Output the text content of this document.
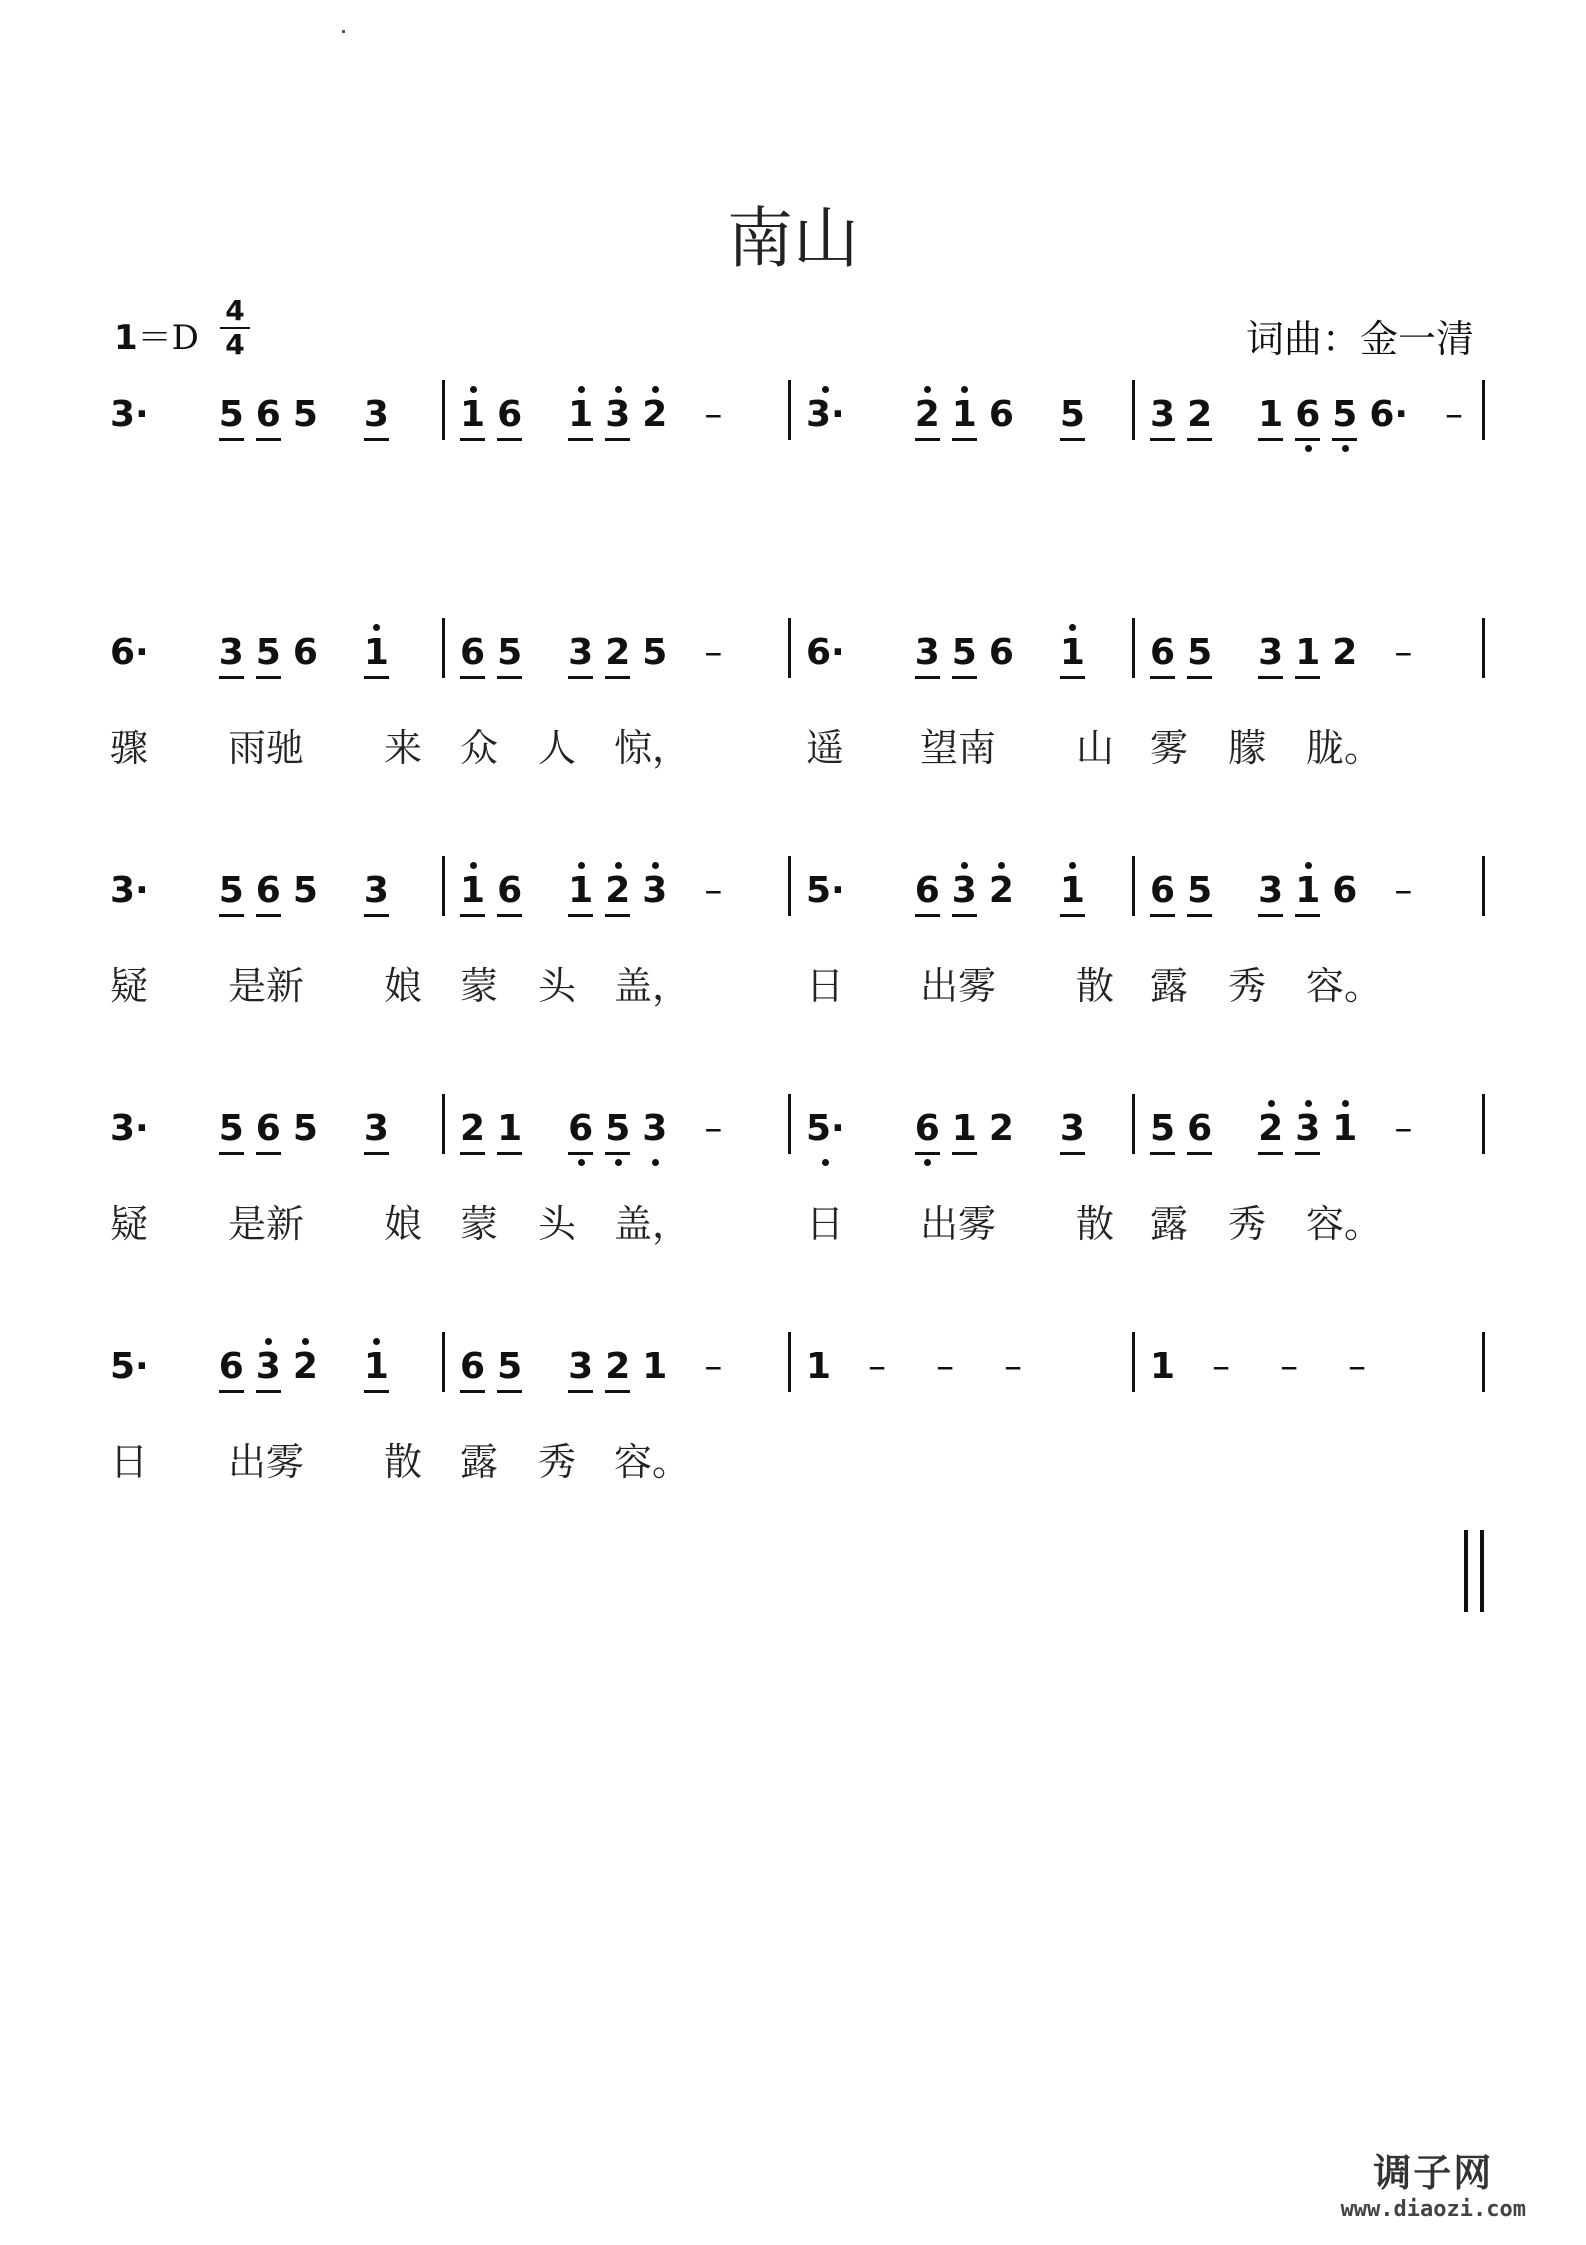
南山
1＝D
4
4	词曲：金一清
3· 5 6 5 3 1 6 1 3 2 – 3· 2 1 6 5 3 2 1 6 5 6· –
6· 3 5 6 1 6 5 3 2 5 – 6· 3 5 6 1 6 5 3 1 2 –
骤 雨驰 来 众 人 惊，	遥 望南 山 雾 朦 胧。
3· 5 6 5 3 1 6 1 2 3 – 5· 6 3 2 1 6 5 3 1 6 –
疑 是新 娘 蒙 头 盖，	日 出雾 散 露 秀 容。
3· 5 6 5 3 2 1 6 5 3 – 5· 6 1 2 3 5 6 2 3 1 –
疑 是新 娘 蒙 头 盖，	日 出雾 散 露 秀 容。
5· 6 3 2 1 6 5 3 2 1 – 1 – – –	1 – – –
日 出雾 散 露 秀 容。
调子网
www.diaozi.com
